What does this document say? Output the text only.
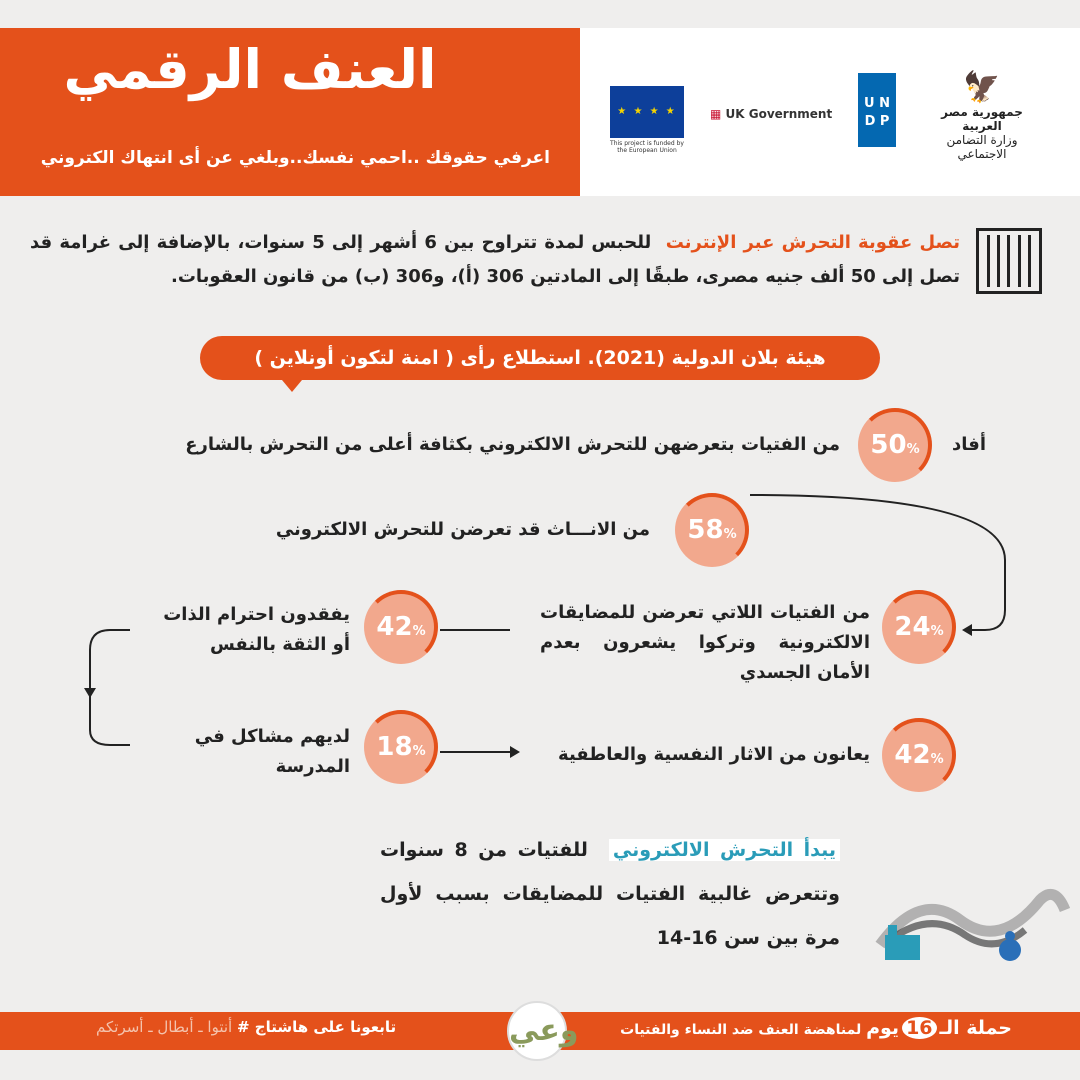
العنف الرقمي
اعرفي حقوقك ..احمي نفسك..وبلغي عن أى انتهاك الكتروني
★ ★ ★ ★
This project is funded by the European Union
▦ UK Government
U N
D P
🦅
جمهورية مصر العربية
وزارة التضامن الاجتماعي
تصل عقوبة التحرش عبر الإنترنت  للحبس لمدة تتراوح بين 6 أشهر إلى 5 سنوات، بالإضافة إلى غرامة قد تصل إلى 50 ألف جنيه مصرى، طبقًا إلى المادتين 306 (أ)، و306 (ب) من قانون العقوبات.
هيئة بلان الدولية (2021). استطلاع رأى ( امنة لتكون أونلاين )
أفاد
50%
من الفتيات بتعرضهن للتحرش الالكتروني بكثافة أعلى من التحرش بالشارع
58%
من الانـــاث قد تعرضن للتحرش الالكتروني
24%
من الفتيات اللاتي تعرضن للمضايقات الالكترونية وتركوا يشعرون بعدم الأمان الجسدي
42%
يفقدون احترام الذات أو الثقة بالنفس
42%
يعانون من الاثار النفسية والعاطفية
18%
لديهم مشاكل في المدرسة
يبدأ التحرش الالكتروني  للفتيات من 8 سنوات وتتعرض غالبية الفتيات للمضايقات بسبب لأول مرة بين سن 16-14
حملة الـ16يوم لمناهضة العنف ضد النساء والفتيات
وعي
تابعونا على هاشتاج # أنتوا ـ أبطال ـ أسرتكم
